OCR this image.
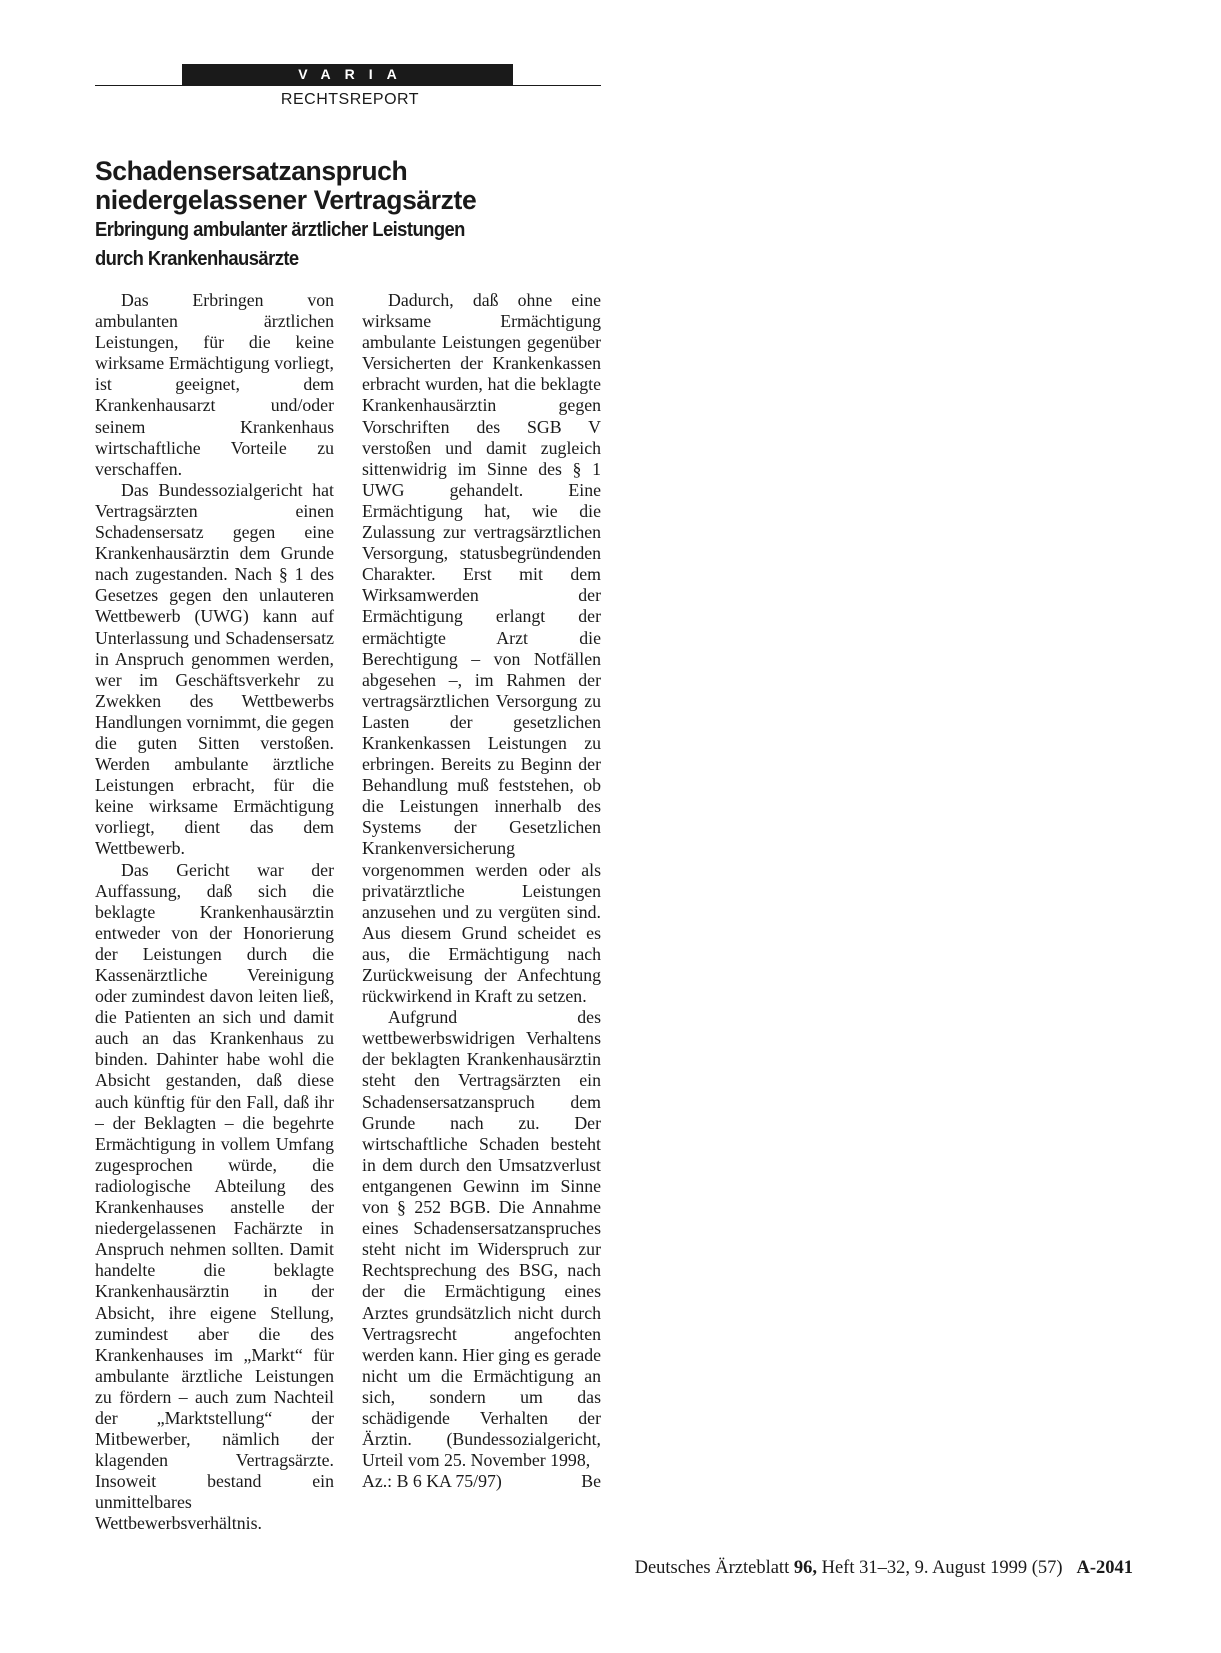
VARIA
RECHTSREPORT
Schadensersatzanspruch
niedergelassener Vertragsärzte
Erbringung ambulanter ärztlicher Leistungen
durch Krankenhausärzte

Das Erbringen von ambulanten ärztlichen Leistungen, für die keine wirksame Ermächtigung vorliegt, ist geeignet, dem Krankenhausarzt und/oder seinem Krankenhaus wirtschaftliche Vorteile zu verschaffen.

Das Bundessozialgericht hat Vertragsärzten einen Schadensersatz gegen eine Krankenhausärztin dem Grunde nach zugestanden. Nach § 1 des Gesetzes gegen den unlauteren Wettbewerb (UWG) kann auf Unterlassung und Schadensersatz in Anspruch genommen werden, wer im Geschäftsverkehr zu Zwekken des Wettbewerbs Handlungen vornimmt, die gegen die guten Sitten verstoßen. Werden ambulante ärztliche Leistungen erbracht, für die keine wirksame Ermächtigung vorliegt, dient das dem Wettbewerb.

Das Gericht war der Auffassung, daß sich die beklagte Krankenhausärztin entweder von der Honorierung der Leistungen durch die Kassenärztliche Vereinigung oder zumindest davon leiten ließ, die Patienten an sich und damit auch an das Krankenhaus zu binden. Dahinter habe wohl die Absicht gestanden, daß diese auch künftig für den Fall, daß ihr – der Beklagten – die begehrte Ermächtigung in vollem Umfang zugesprochen würde, die radiologische Abteilung des Krankenhauses anstelle der niedergelassenen Fachärzte in Anspruch nehmen sollten. Damit handelte die beklagte Krankenhausärztin in der Absicht, ihre eigene Stellung, zumindest aber die des Krankenhauses im „Markt“ für ambulante ärztliche Leistungen zu fördern – auch zum Nachteil der „Marktstellung“ der Mitbewerber, nämlich der klagenden Vertragsärzte. Insoweit bestand ein unmittelbares Wettbewerbsverhältnis.

Dadurch, daß ohne eine wirksame Ermächtigung ambulante Leistungen gegenüber Versicherten der Krankenkassen erbracht wurden, hat die beklagte Krankenhausärztin gegen Vorschriften des SGB V verstoßen und damit zugleich sittenwidrig im Sinne des § 1 UWG gehandelt. Eine Ermächtigung hat, wie die Zulassung zur vertragsärztlichen Versorgung, statusbegründenden Charakter. Erst mit dem Wirksamwerden der Ermächtigung erlangt der ermächtigte Arzt die Berechtigung – von Notfällen abgesehen –, im Rahmen der vertragsärztlichen Versorgung zu Lasten der gesetzlichen Krankenkassen Leistungen zu erbringen. Bereits zu Beginn der Behandlung muß feststehen, ob die Leistungen innerhalb des Systems der Gesetzlichen Krankenversicherung vorgenommen werden oder als privatärztliche Leistungen anzusehen und zu vergüten sind. Aus diesem Grund scheidet es aus, die Ermächtigung nach Zurückweisung der Anfechtung rückwirkend in Kraft zu setzen.

Aufgrund des wettbewerbswidrigen Verhaltens der beklagten Krankenhausärztin steht den Vertragsärzten ein Schadensersatzanspruch dem Grunde nach zu. Der wirtschaftliche Schaden besteht in dem durch den Umsatzverlust entgangenen Gewinn im Sinne von § 252 BGB. Die Annahme eines Schadensersatzanspruches steht nicht im Widerspruch zur Rechtsprechung des BSG, nach der die Ermächtigung eines Arztes grundsätzlich nicht durch Vertragsrecht angefochten werden kann. Hier ging es gerade nicht um die Ermächtigung an sich, sondern um das schädigende Verhalten der Ärztin. (Bundessozialgericht, Urteil vom 25. November 1998,

Az.: B 6 KA 75/97)	Be
Deutsches Ärzteblatt 96, Heft 31–32, 9. August 1999 (57) A-2041
